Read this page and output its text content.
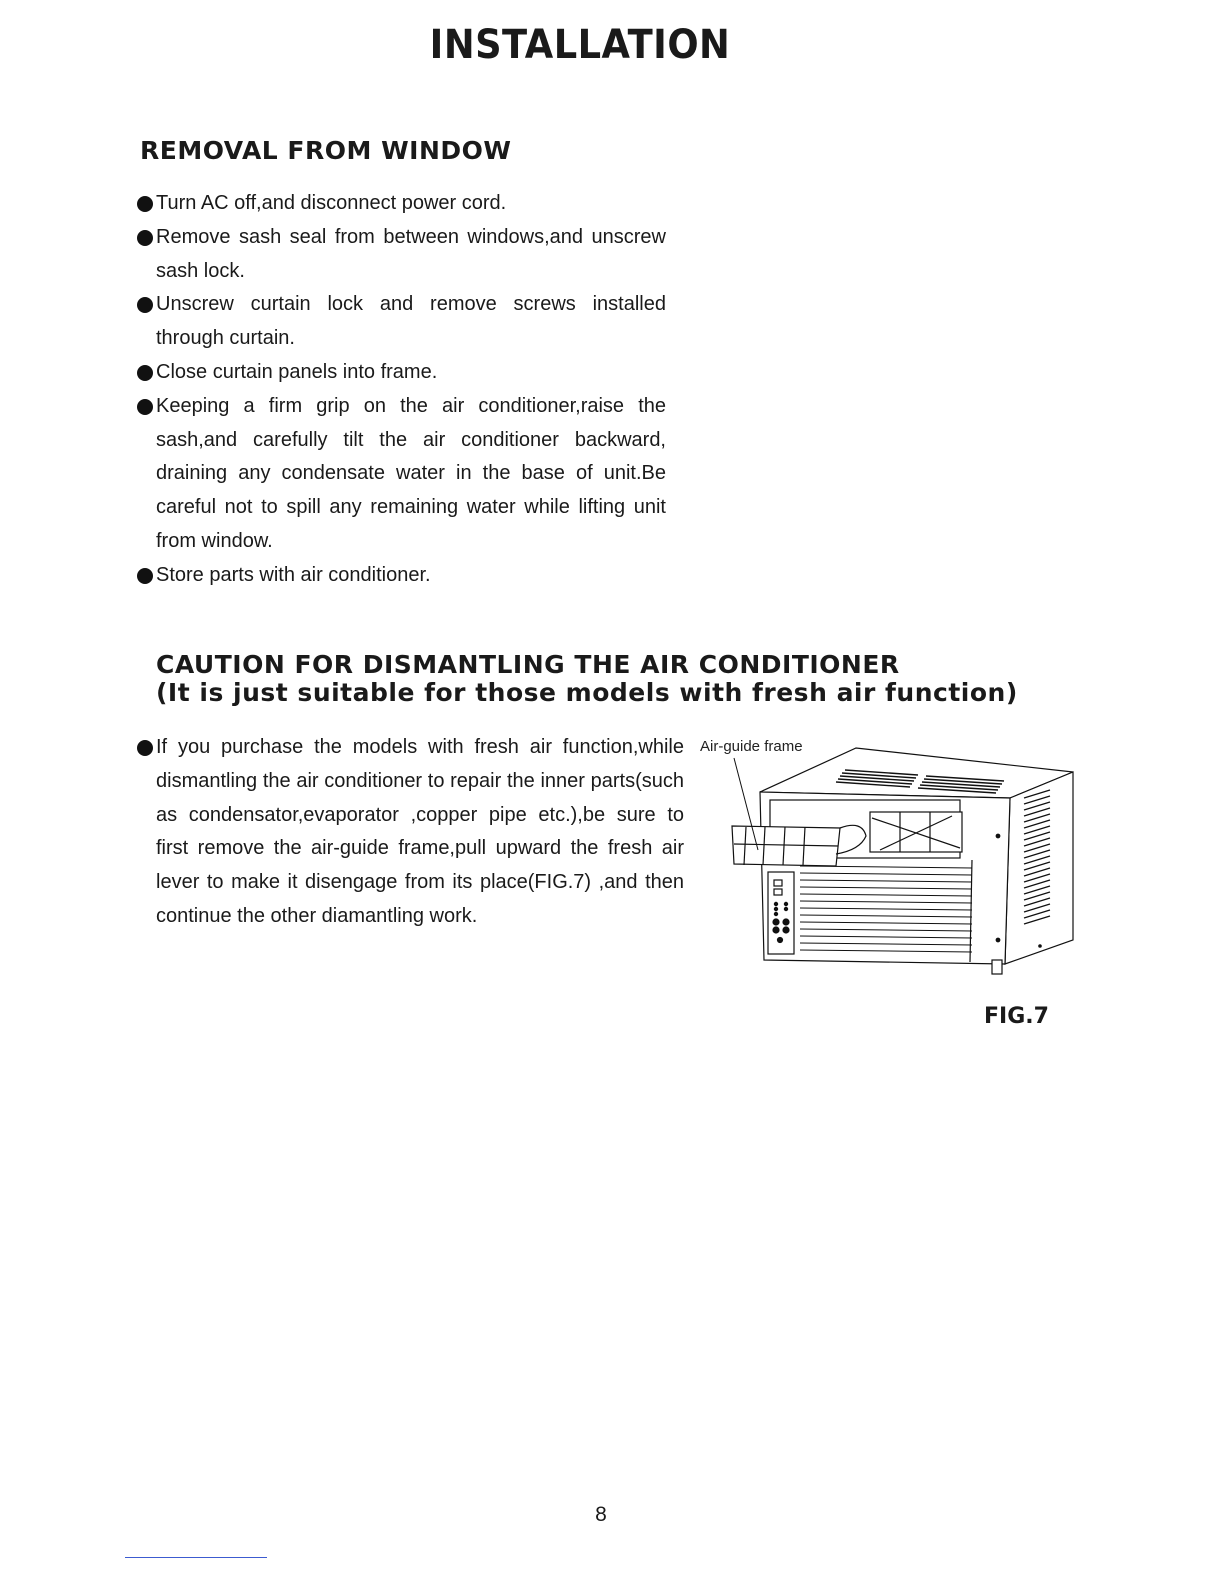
INSTALLATION
REMOVAL FROM WINDOW
Turn AC off,and disconnect power cord.
Remove sash seal from between windows,and unscrew sash lock.
Unscrew curtain lock and remove screws installed through curtain.
Close curtain panels into frame.
Keeping a firm grip on the air conditioner,raise the sash,and carefully tilt the air conditioner backward, draining any condensate water in the base of unit.Be careful not to spill any remaining water while lifting unit from window.
Store parts with air conditioner.
CAUTION FOR DISMANTLING THE AIR CONDITIONER
(It is just suitable for those models with fresh air function)
If you purchase the models with fresh air function,while dismantling the air conditioner to repair the inner parts(such as condensator,evaporator ,copper pipe etc.),be sure to first remove the air-guide frame,pull upward the fresh air lever to make it disengage from its place(FIG.7) ,and then continue the other diamantling work.
Air-guide frame
FIG.7
8
